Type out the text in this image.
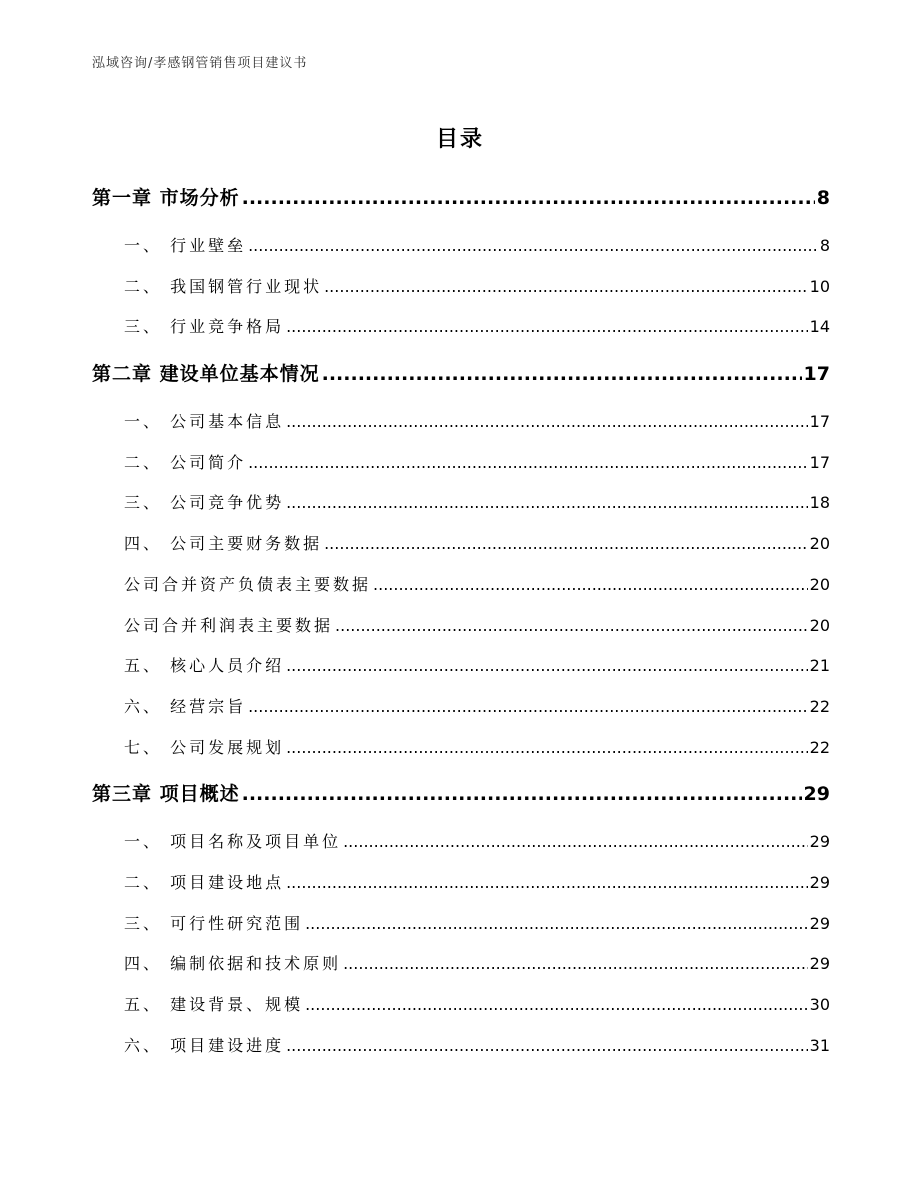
泓域咨询/孝感钢管销售项目建议书
目录
第一章 市场分析 .....	8
一、 行业壁垒 .....	8
二、 我国钢管行业现状 .....	10
三、 行业竞争格局 .....	14
第二章 建设单位基本情况 .....	17
一、 公司基本信息 .....	17
二、 公司简介 .....	17
三、 公司竞争优势 .....	18
四、 公司主要财务数据 .....	20
公司合并资产负债表主要数据 .....	20
公司合并利润表主要数据 .....	20
五、 核心人员介绍 .....	21
六、 经营宗旨 .....	22
七、 公司发展规划 .....	22
第三章 项目概述 .....	29
一、 项目名称及项目单位 .....	29
二、 项目建设地点 .....	29
三、 可行性研究范围 .....	29
四、 编制依据和技术原则 .....	29
五、 建设背景、规模 .....	30
六、 项目建设进度 .....	31
